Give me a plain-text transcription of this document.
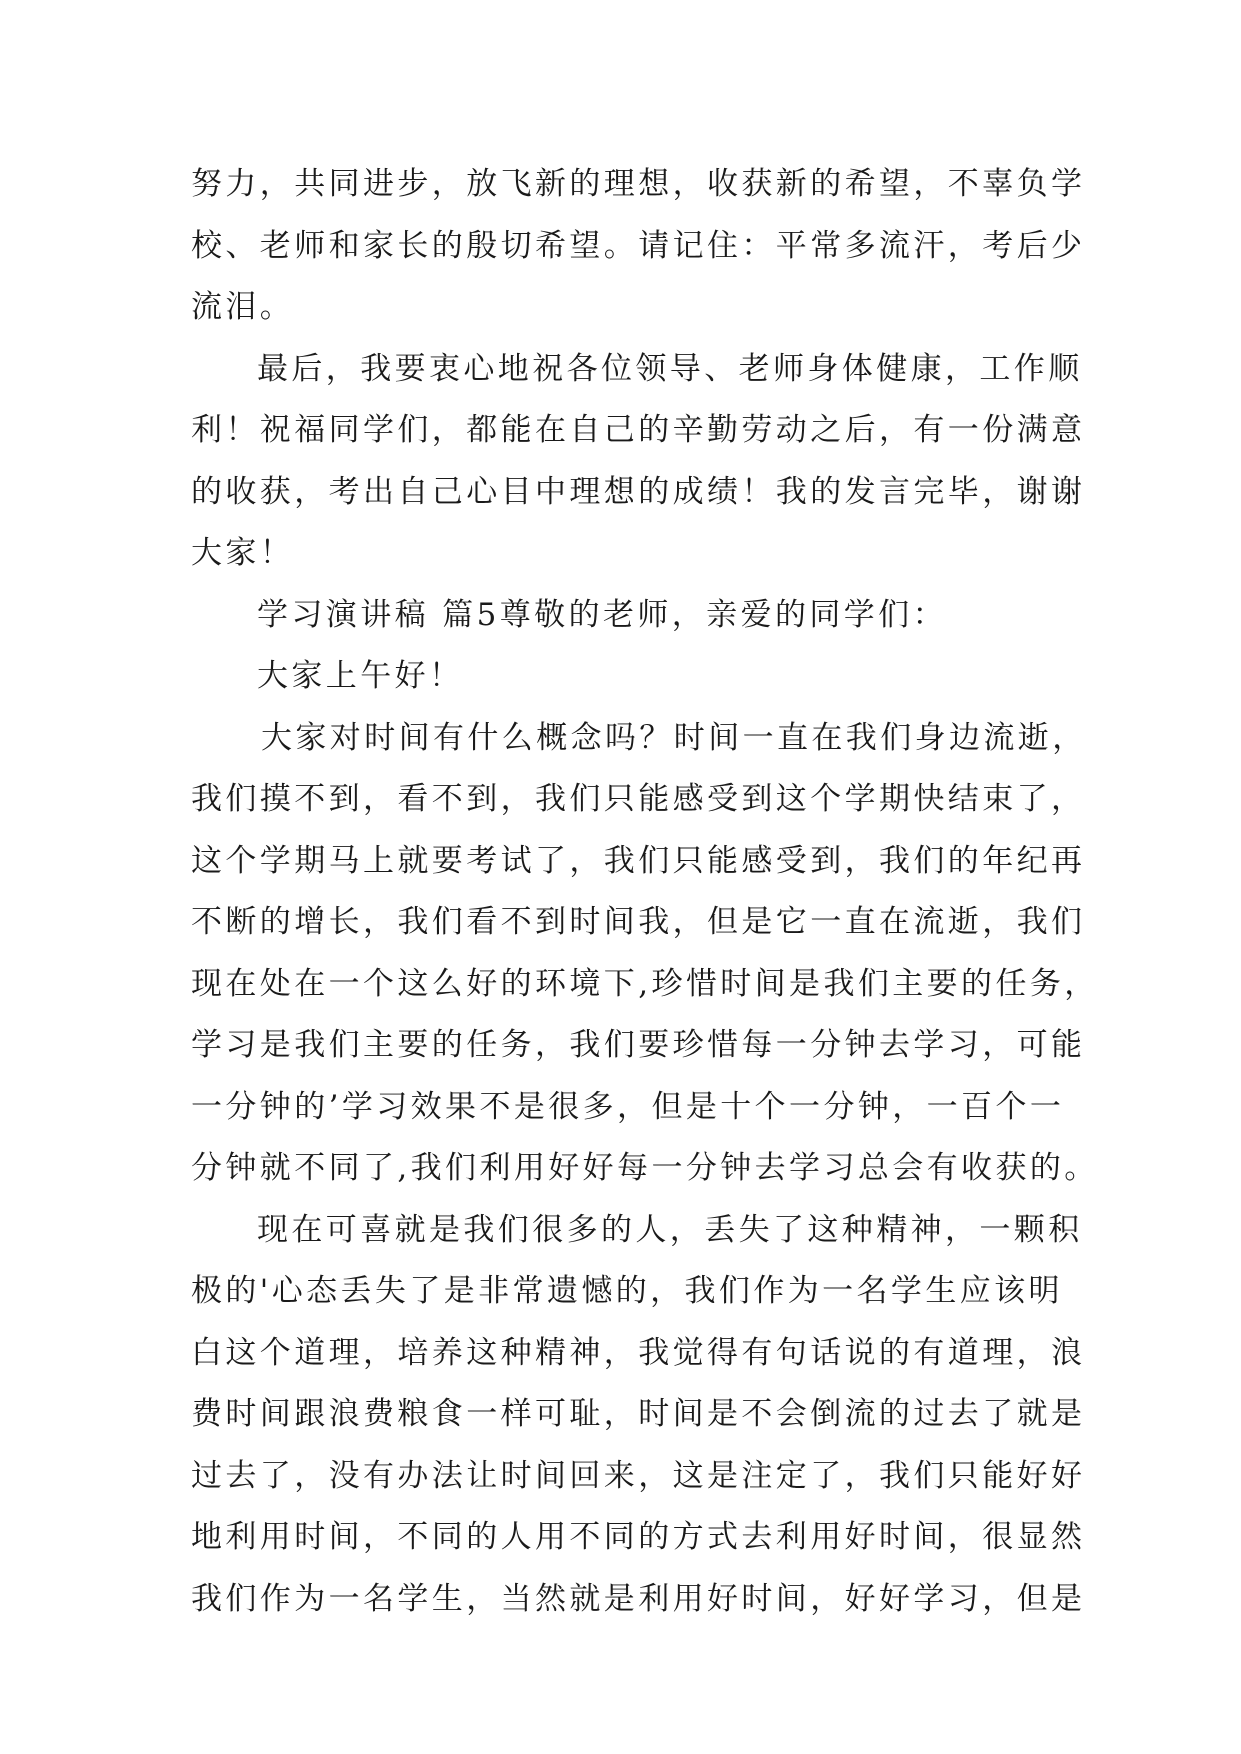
努力，共同进步，放飞新的理想，收获新的希望，不辜负学
校、老师和家长的殷切希望。请记住：平常多流汗，考后少
流泪。
最后，我要衷心地祝各位领导、老师身体健康，工作顺
利！祝福同学们，都能在自己的辛勤劳动之后，有一份满意
的收获，考出自己心目中理想的成绩！我的发言完毕，谢谢
大家！
学习演讲稿 篇5尊敬的老师，亲爱的同学们：
大家上午好！
大家对时间有什么概念吗？时间一直在我们身边流逝，
我们摸不到，看不到，我们只能感受到这个学期快结束了，
这个学期马上就要考试了，我们只能感受到，我们的年纪再
不断的增长，我们看不到时间我，但是它一直在流逝，我们
现在处在一个这么好的环境下,珍惜时间是我们主要的任务，
学习是我们主要的任务，我们要珍惜每一分钟去学习，可能
一分钟的’学习效果不是很多，但是十个一分钟，一百个一
分钟就不同了,我们利用好好每一分钟去学习总会有收获的。
现在可喜就是我们很多的人，丢失了这种精神，一颗积
极的'心态丢失了是非常遗憾的，我们作为一名学生应该明
白这个道理，培养这种精神，我觉得有句话说的有道理，浪
费时间跟浪费粮食一样可耻，时间是不会倒流的过去了就是
过去了，没有办法让时间回来，这是注定了，我们只能好好
地利用时间，不同的人用不同的方式去利用好时间，很显然
我们作为一名学生，当然就是利用好时间，好好学习，但是
